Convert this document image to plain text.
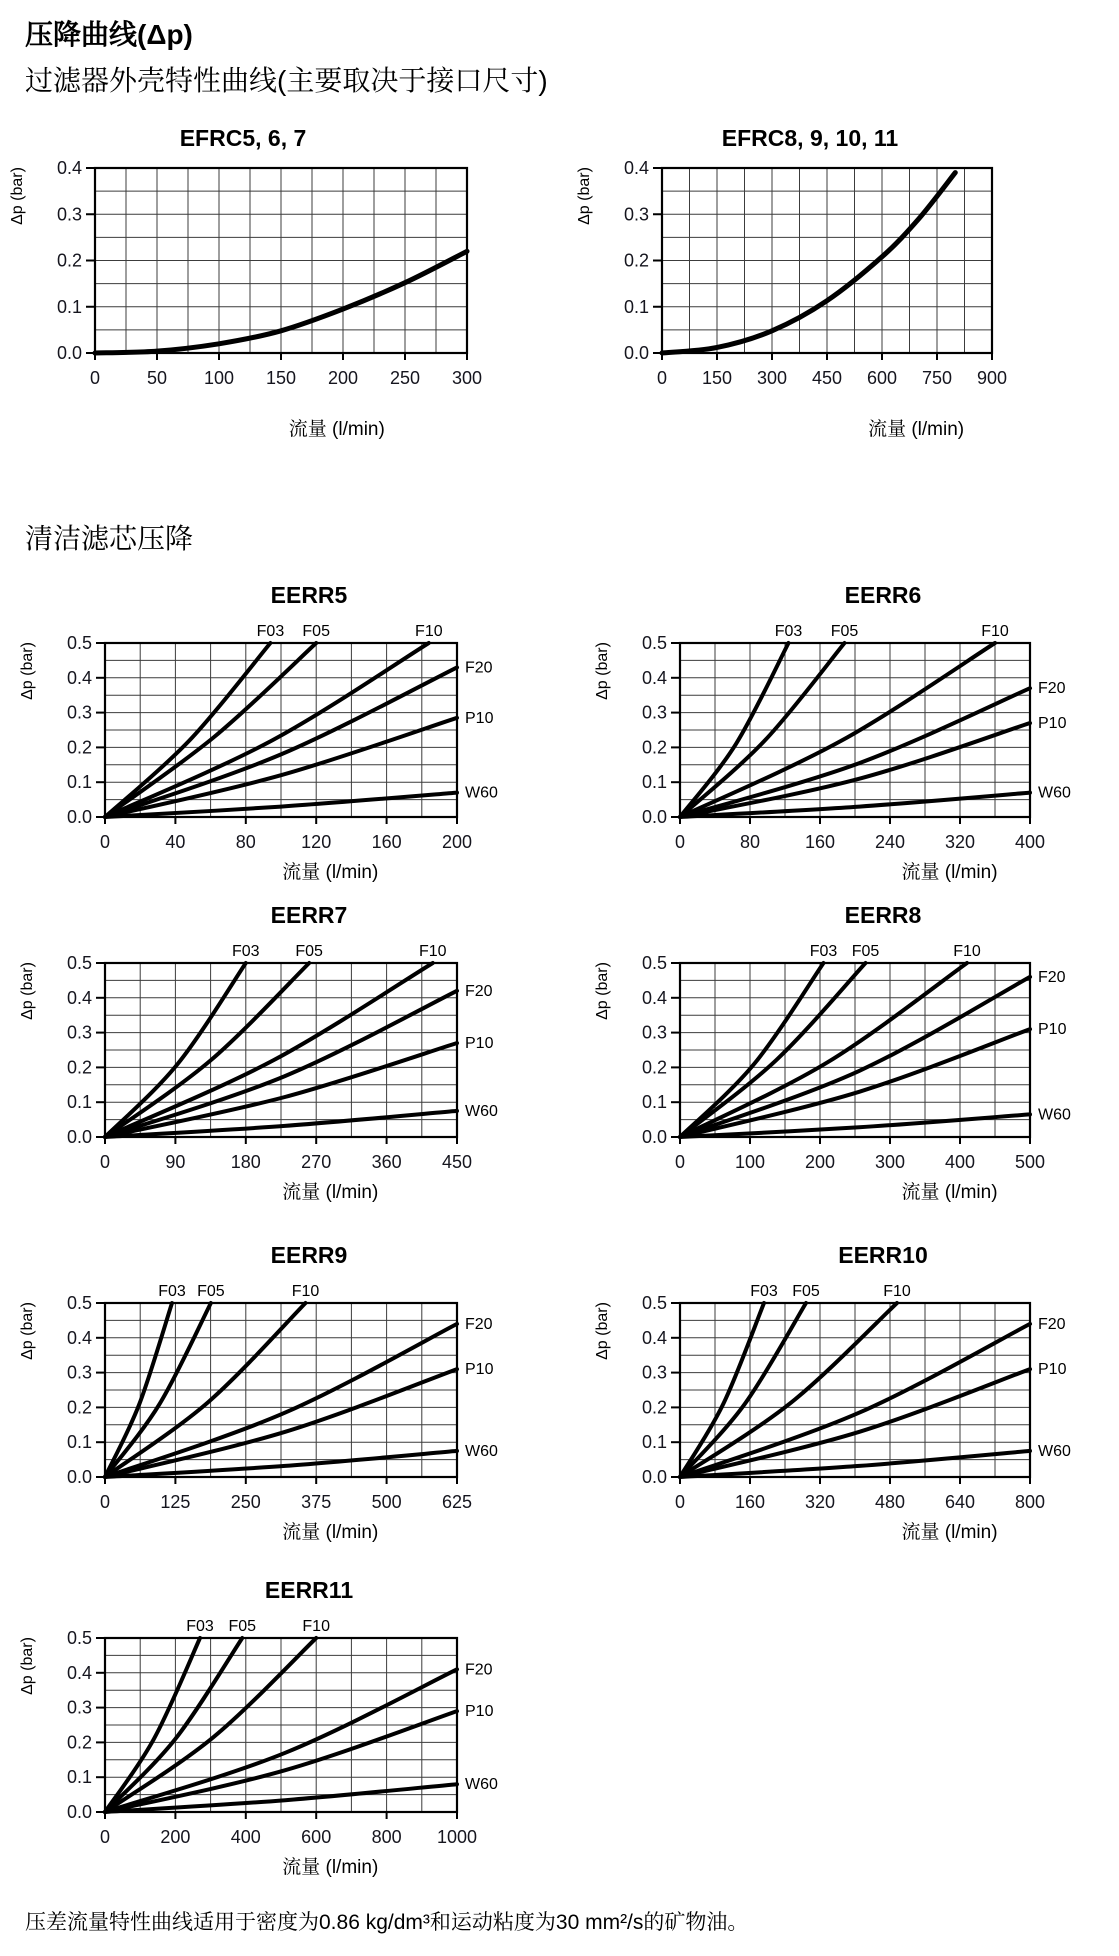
压降曲线(Δp)
过滤器外壳特性曲线(主要取决于接口尺寸)
清洁滤芯压降
压差流量特性曲线适用于密度为0.86 kg/dm³和运动粘度为30 mm²/s的矿物油。
0	50 100 150 200 250 300
0.0
0.1
0.2
0.3
0.4
EFRC5, 6, 7
Δp (bar)
流量 (l/min)
0 150 300 450 600 750 900
0.0
0.1
0.2
0.3
0.4
EFRC8, 9, 10, 11
Δp (bar)
流量 (l/min)
0	40	80	120 160 200
0.0
0.1
0.2
0.3
0.4
0.5
F03 F05	F10
F20
P10
W60
EERR5
Δp (bar)
流量 (l/min)
0	80 160 240 320 400
0.0
0.1
0.2
0.3
0.4
0.5
F03 F05	F10
F20
P10
W60
EERR6
Δp (bar)
流量 (l/min)
0	90	180 270 360 450
0.0
0.1
0.2
0.3
0.4
0.5
F03 F05	F10
F20
P10
W60
EERR7
Δp (bar)
流量 (l/min)
0	100 200 300 400 500
0.0
0.1
0.2
0.3
0.4
0.5
F03 F05	F10
F20
P10
W60
EERR8
Δp (bar)
流量 (l/min)
0	125 250 375 500 625
0.0
0.1
0.2
0.3
0.4
0.5
F03 F05	F10
F20
P10
W60
EERR9
Δp (bar)
流量 (l/min)
0	160 320 480 640 800
0.0
0.1
0.2
0.3
0.4
0.5
F03 F05	F10
F20
P10
W60
EERR10
Δp (bar)
流量 (l/min)
0	200 400 600 800 1000
0.0
0.1
0.2
0.3
0.4
0.5
F03 F05	F10
F20
P10
W60
EERR11
Δp (bar)
流量 (l/min)
